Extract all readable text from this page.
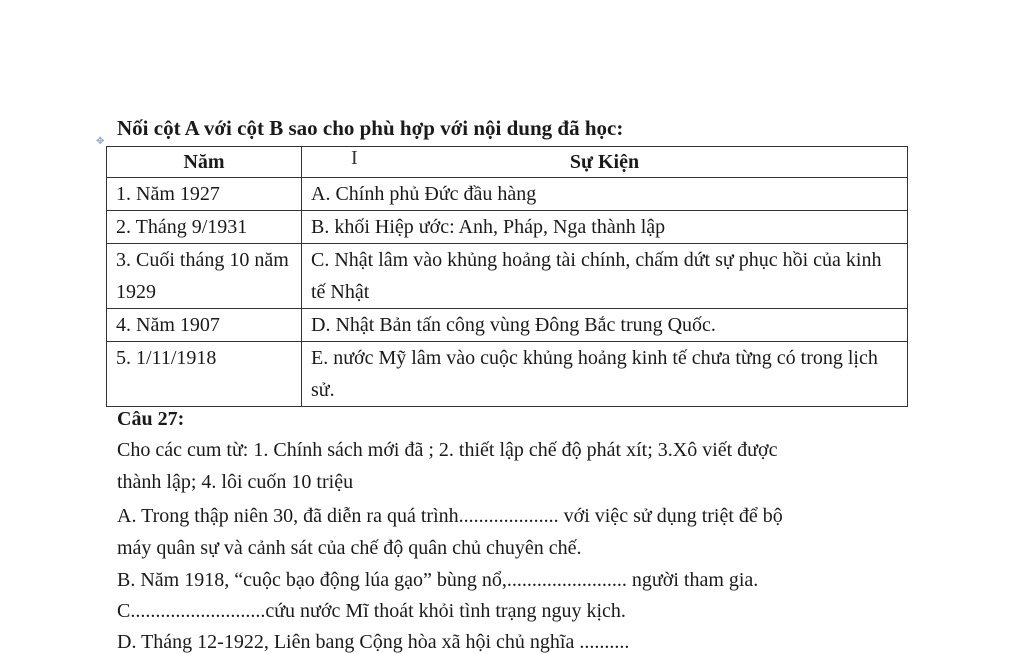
Nối cột A với cột B sao cho phù hợp với nội dung đã học:
✥
Năm	Sự Kiện
1. Năm 1927	A. Chính phủ Đức đầu hàng
2. Tháng 9/1931	B. khối Hiệp ước: Anh, Pháp, Nga thành lập
3. Cuối tháng 10 năm 1929	C. Nhật lâm vào khủng hoảng tài chính, chấm dứt sự phục hồi của kinh tế Nhật
4. Năm 1907	D. Nhật Bản tấn công vùng Đông Bắc trung Quốc.
5. 1/11/1918	E. nước Mỹ lâm vào cuộc khủng hoảng kinh tế chưa từng có trong lịch sử.
I
Câu 27:
Cho các cum từ: 1. Chính sách mới đã ; 2. thiết lập chế độ phát xít; 3.Xô viết được
thành lập; 4. lôi cuốn 10 triệu
A. Trong thập niên 30, đã diễn ra quá trình.................... với việc sử dụng triệt để bộ
máy quân sự và cảnh sát của chế độ quân chủ chuyên chế.
B. Năm 1918, “cuộc bạo động lúa gạo” bùng nổ,........................ người tham gia.
C...........................cứu nước Mĩ thoát khỏi tình trạng nguy kịch.
D. Tháng 12-1922, Liên bang Cộng hòa xã hội chủ nghĩa ..........
